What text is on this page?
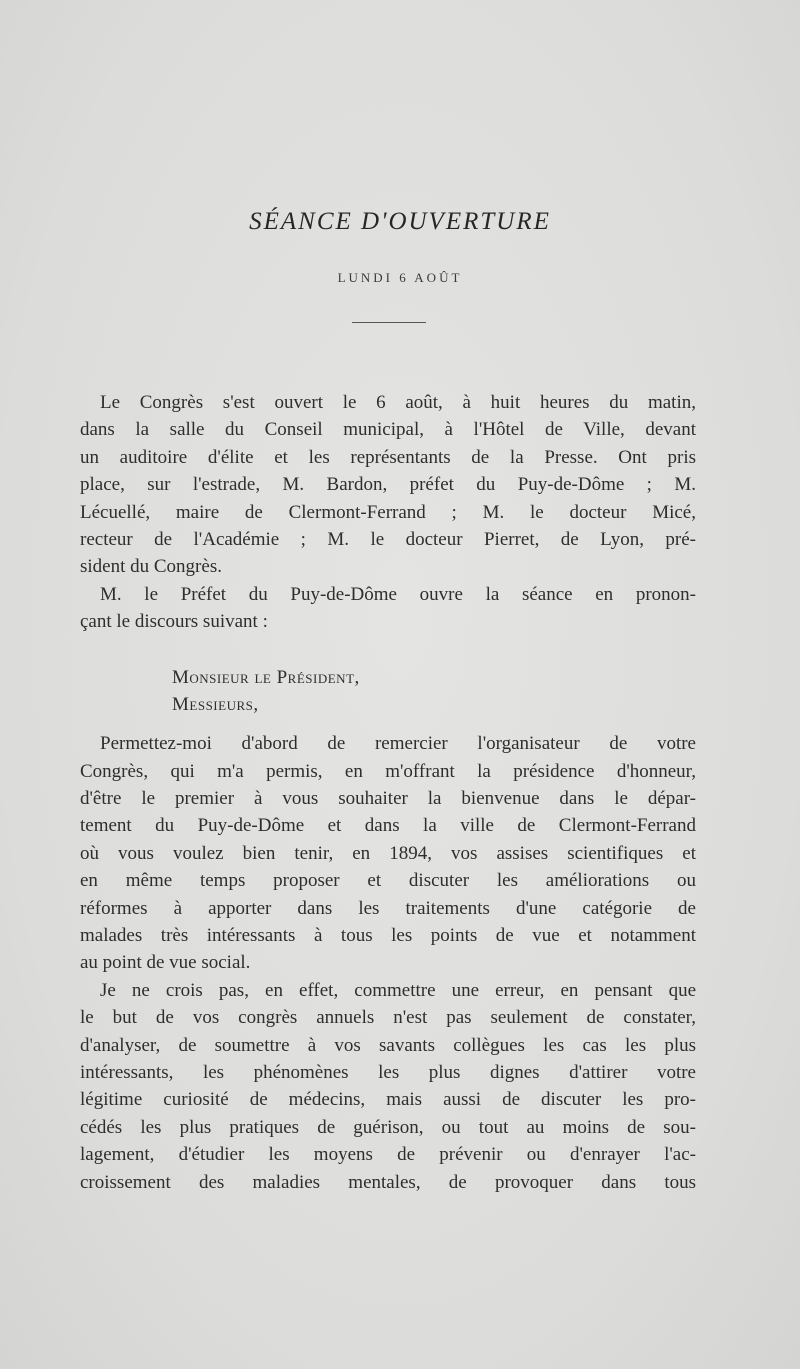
SÉANCE D'OUVERTURE
LUNDI 6 AOÛT
Le Congrès s'est ouvert le 6 août, à huit heures du matin,
dans la salle du Conseil municipal, à l'Hôtel de Ville, devant
un auditoire d'élite et les représentants de la Presse. Ont pris
place, sur l'estrade, M. Bardon, préfet du Puy-de-Dôme ; M.
Lécuellé, maire de Clermont-Ferrand ; M. le docteur Micé,
recteur de l'Académie ; M. le docteur Pierret, de Lyon, pré-
sident du Congrès.
M. le Préfet du Puy-de-Dôme ouvre la séance en pronon-
çant le discours suivant :
Monsieur le Président,
Messieurs,
Permettez-moi d'abord de remercier l'organisateur de votre
Congrès, qui m'a permis, en m'offrant la présidence d'honneur,
d'être le premier à vous souhaiter la bienvenue dans le dépar-
tement du Puy-de-Dôme et dans la ville de Clermont-Ferrand
où vous voulez bien tenir, en 1894, vos assises scientifiques et
en même temps proposer et discuter les améliorations ou
réformes à apporter dans les traitements d'une catégorie de
malades très intéressants à tous les points de vue et notamment
au point de vue social.
Je ne crois pas, en effet, commettre une erreur, en pensant que
le but de vos congrès annuels n'est pas seulement de constater,
d'analyser, de soumettre à vos savants collègues les cas les plus
intéressants, les phénomènes les plus dignes d'attirer votre
légitime curiosité de médecins, mais aussi de discuter les pro-
cédés les plus pratiques de guérison, ou tout au moins de sou-
lagement, d'étudier les moyens de prévenir ou d'enrayer l'ac-
croissement des maladies mentales, de provoquer dans tous
